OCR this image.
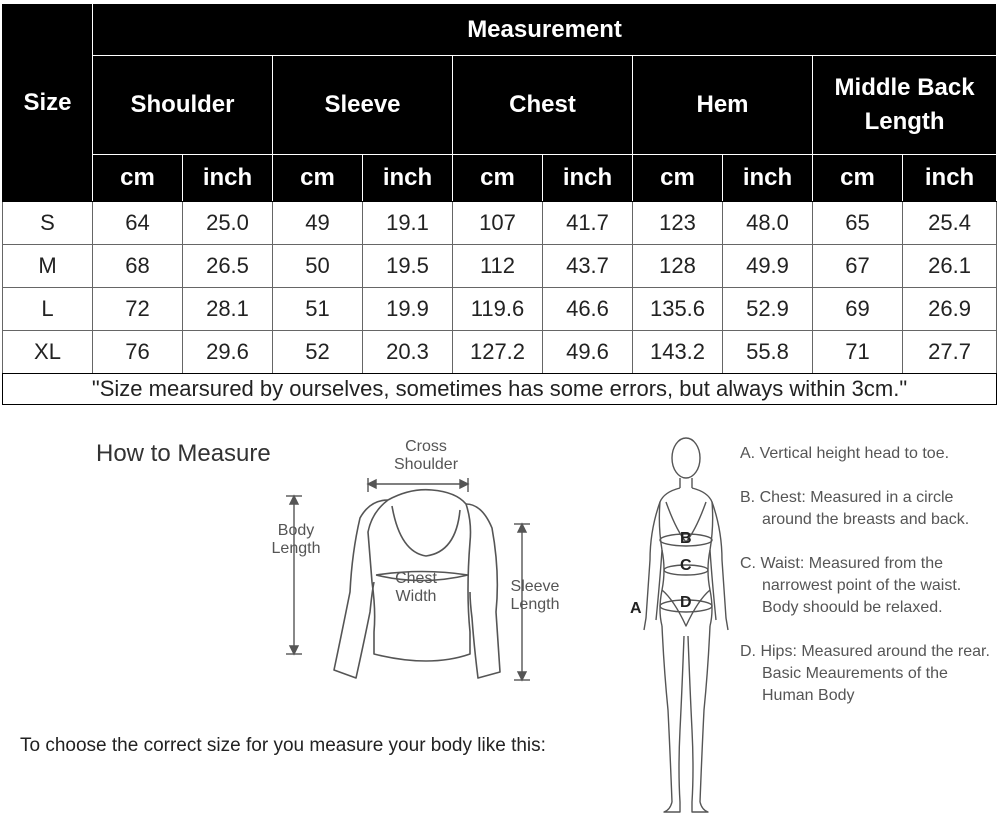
Size	Measurement									
	Shoulder		Sleeve		Chest		Hem		Middle Back Length	
	cm	inch	cm	inch	cm	inch	cm	inch	cm	inch
S	64	25.0	49	19.1	107	41.7	123	48.0	65	25.4
M	68	26.5	50	19.5	112	43.7	128	49.9	67	26.1
L	72	28.1	51	19.9	119.6	46.6	135.6	52.9	69	26.9
XL	76	29.6	52	20.3	127.2	49.6	143.2	55.8	71	27.7
"Size mearsured by ourselves, sometimes has some errors, but always within 3cm."										
How to Measure	Cross
Shoulder
Body
Length
Chest
Width
Sleeve
Length
To choose the correct size for you measure your body like this:
B
C
D
A
A. Vertical height head to toe.
B. Chest: Measured in a circle around the breasts and back.
C. Waist: Measured from the narrowest point of the waist. Body shoould be relaxed.
D. Hips: Measured around the rear. Basic Meaurements of the Human Body
